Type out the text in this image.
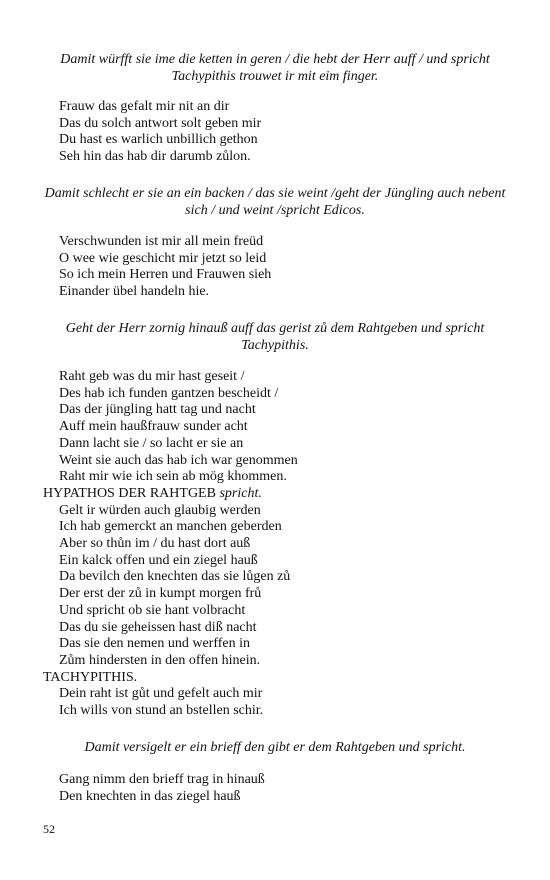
Damit würfft sie ime die ketten in geren / die hebt der Herr auff / und spricht Tachypithis trouwet ir mit eim finger.

Frauw das gefalt mir nit an dir
Das du solch antwort solt geben mir
Du hast es warlich unbillich gethon
Seh hin das hab dir darumb zůlon.

Damit schlecht er sie an ein backen / das sie weint /geht der Jüngling auch nebent sich / und weint /spricht Edicos.

Verschwunden ist mir all mein freüd
O wee wie geschicht mir jetzt so leid
So ich mein Herren und Frauwen sieh
Einander übel handeln hie.

Geht der Herr zornig hinauß auff das gerist zů dem Rahtgeben und spricht Tachypithis.

Raht geb was du mir hast geseit /
Des hab ich funden gantzen bescheidt /
Das der jüngling hatt tag und nacht
Auff mein haußfrauw sunder acht
Dann lacht sie / so lacht er sie an
Weint sie auch das hab ich war genommen
Raht mir wie ich sein ab mög khommen.
HYPATHOS DER RAHTGEB spricht.
Gelt ir würden auch glaubig werden
Ich hab gemerckt an manchen geberden
Aber so thůn im / du hast dort auß
Ein kalck offen und ein ziegel hauß
Da bevilch den knechten das sie lůgen zů
Der erst der zů in kumpt morgen frů
Und spricht ob sie hant volbracht
Das du sie geheissen hast diß nacht
Das sie den nemen und werffen in
Zům hindersten in den offen hinein.
TACHYPITHIS.
Dein raht ist gůt und gefelt auch mir
Ich wills von stund an bstellen schir.

Damit versigelt er ein brieff den gibt er dem Rahtgeben und spricht.

Gang nimm den brieff trag in hinauß
Den knechten in das ziegel hauß
52
